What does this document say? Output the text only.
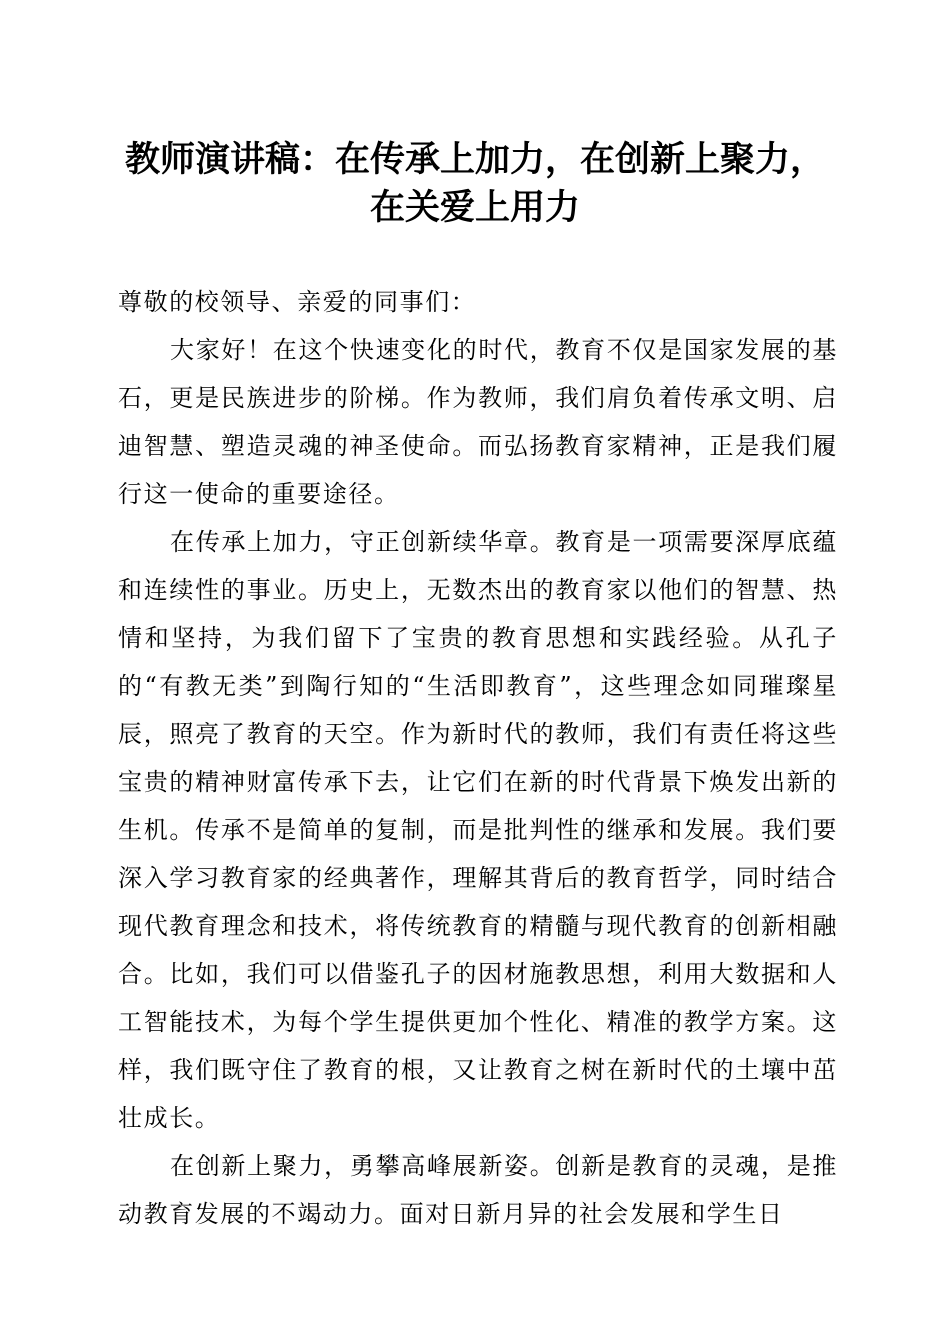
教师演讲稿：在传承上加力，在创新上聚力，
在关爱上用力

尊敬的校领导、亲爱的同事们：

大家好！在这个快速变化的时代，教育不仅是国家发展的基石，更是民族进步的阶梯。作为教师，我们肩负着传承文明、启迪智慧、塑造灵魂的神圣使命。而弘扬教育家精神，正是我们履行这一使命的重要途径。

在传承上加力，守正创新续华章。教育是一项需要深厚底蕴和连续性的事业。历史上，无数杰出的教育家以他们的智慧、热情和坚持，为我们留下了宝贵的教育思想和实践经验。从孔子的“有教无类”到陶行知的“生活即教育”，这些理念如同璀璨星辰，照亮了教育的天空。作为新时代的教师，我们有责任将这些宝贵的精神财富传承下去，让它们在新的时代背景下焕发出新的生机。传承不是简单的复制，而是批判性的继承和发展。我们要深入学习教育家的经典著作，理解其背后的教育哲学，同时结合现代教育理念和技术，将传统教育的精髓与现代教育的创新相融合。比如，我们可以借鉴孔子的因材施教思想，利用大数据和人工智能技术，为每个学生提供更加个性化、精准的教学方案。这样，我们既守住了教育的根，又让教育之树在新时代的土壤中茁壮成长。

在创新上聚力，勇攀高峰展新姿。创新是教育的灵魂，是推动教育发展的不竭动力。面对日新月异的社会发展和学生日
